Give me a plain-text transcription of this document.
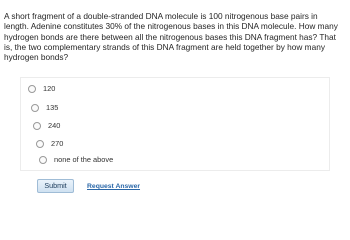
A short fragment of a double-stranded DNA molecule is 100 nitrogenous base pairs in length. Adenine constitutes 30% of the nitrogenous bases in this DNA molecule. How many hydrogen bonds are there between all the nitrogenous bases this DNA fragment has? That is, the two complementary strands of this DNA fragment are held together by how many hydrogen bonds?

120
135
240
270
none of the above
Submit	Request Answer
